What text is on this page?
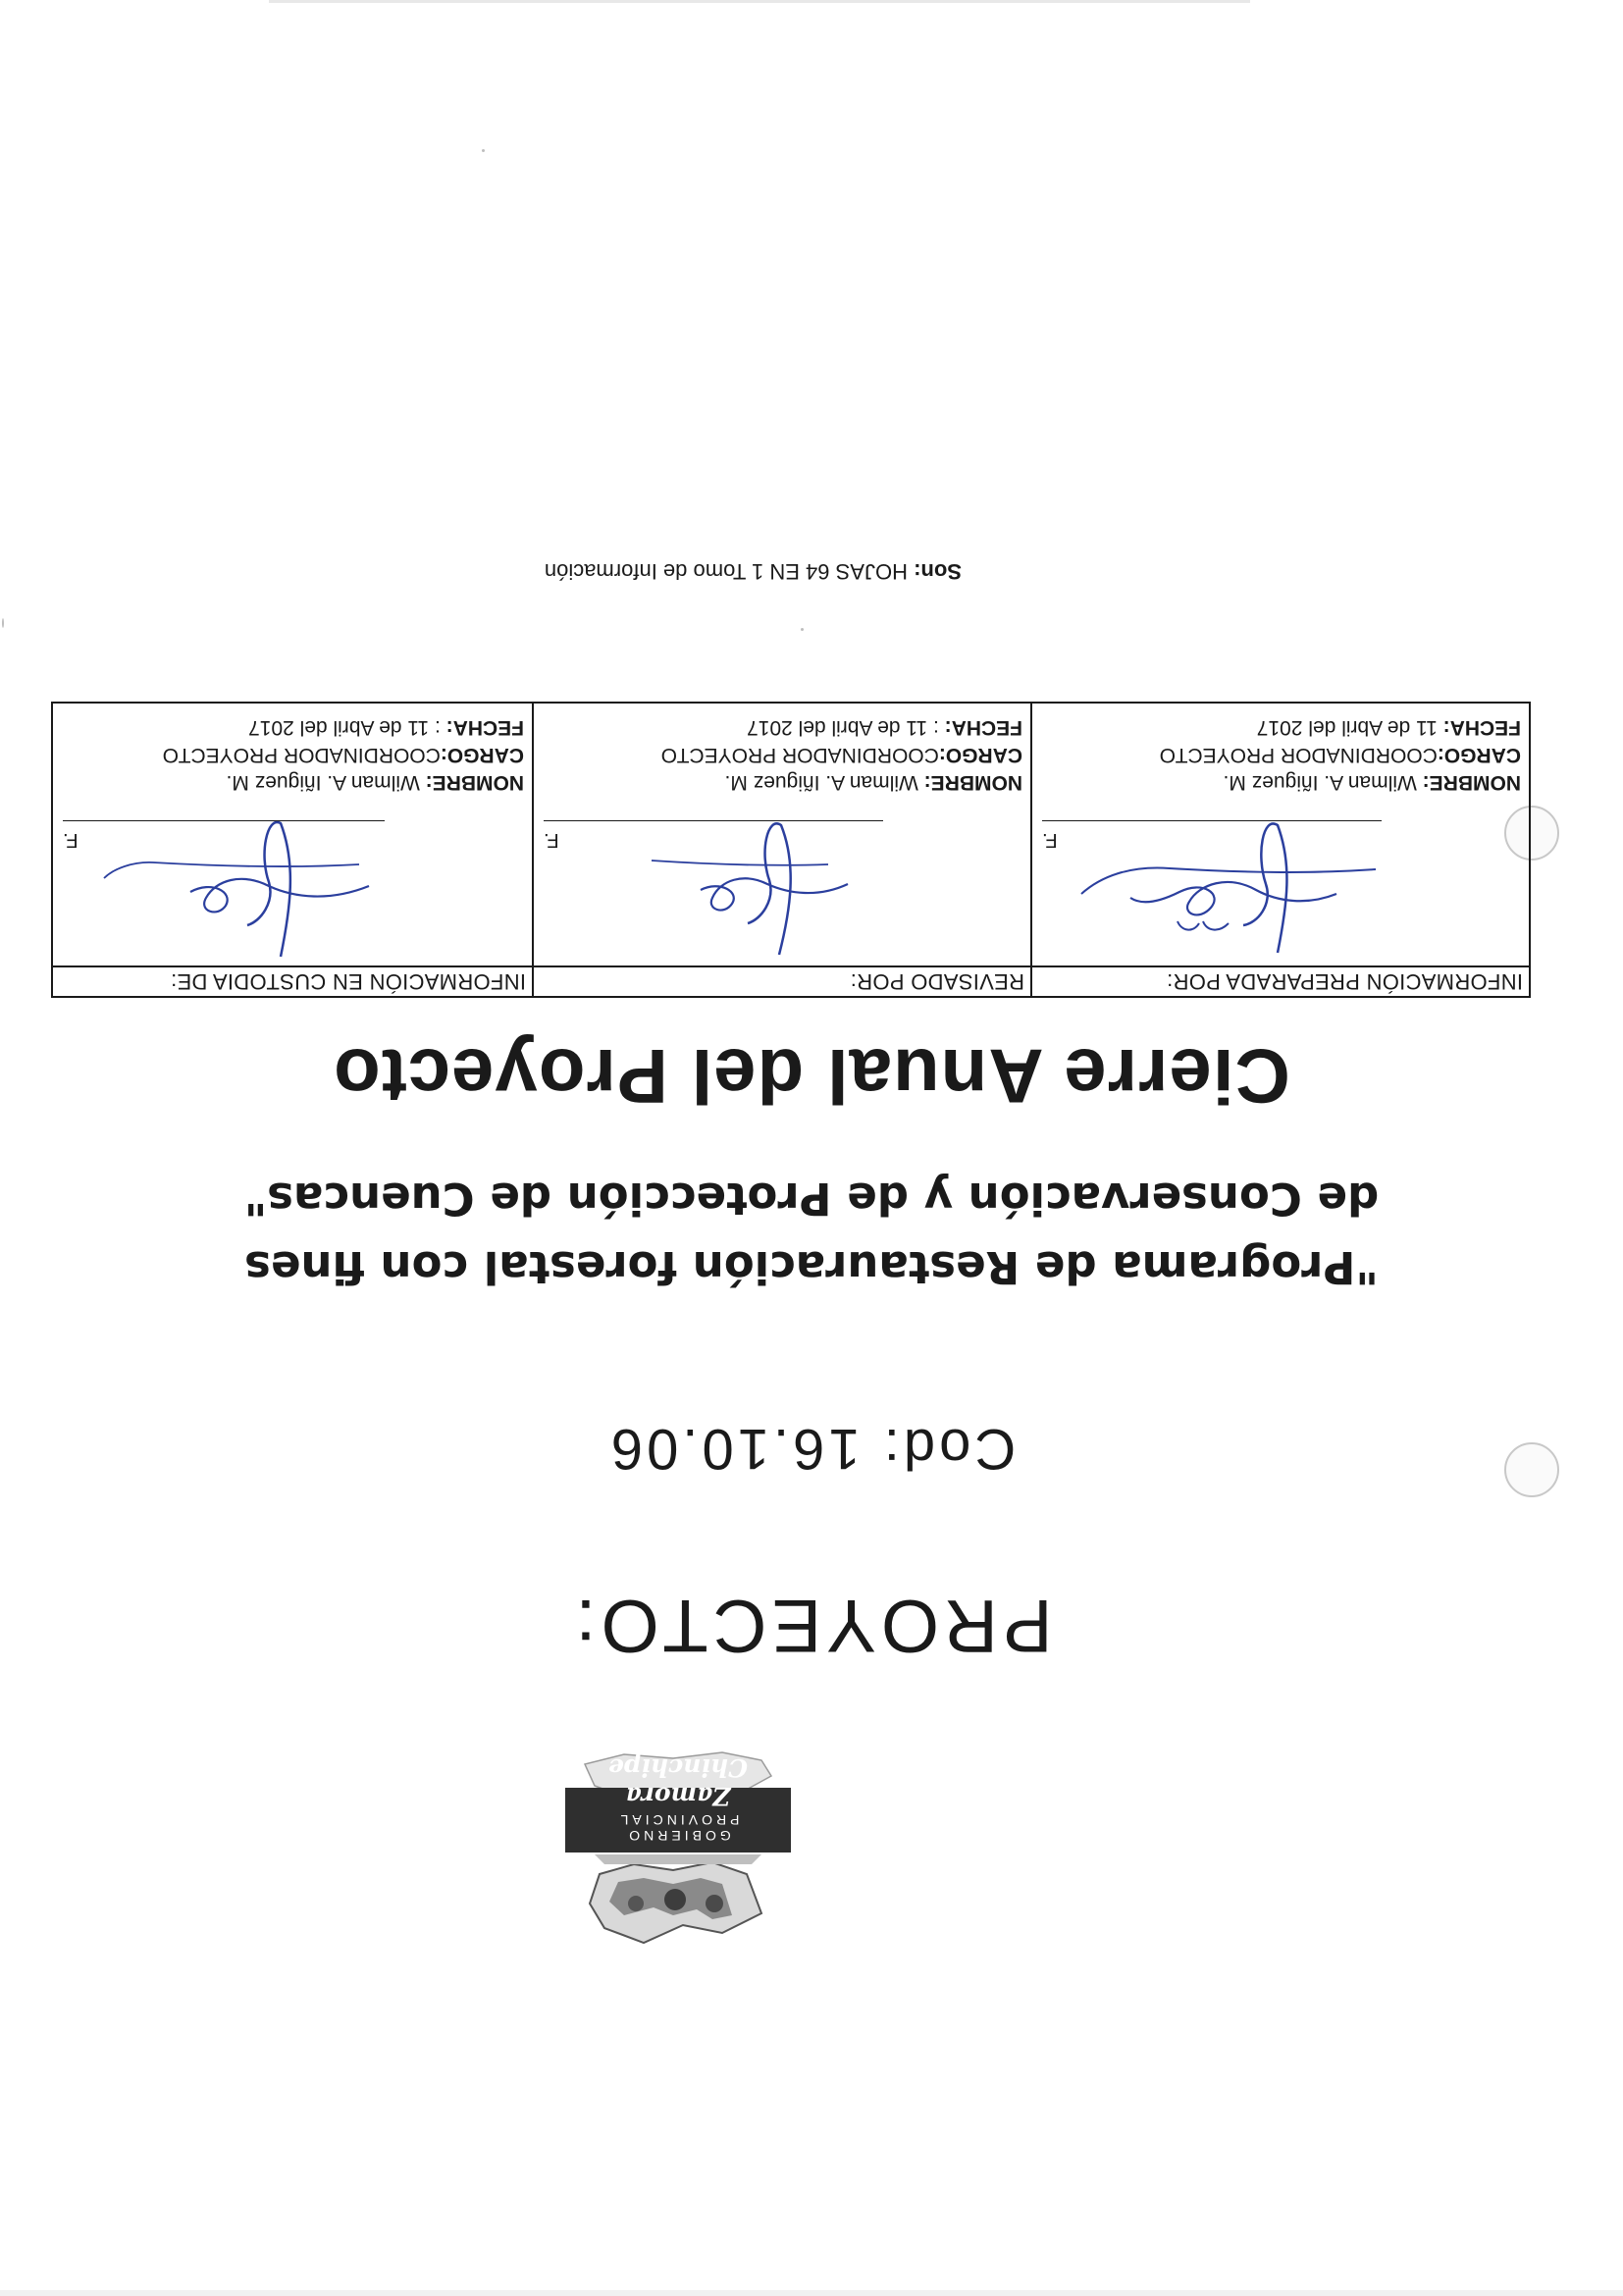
GOBIERNO PROVINCIAL
Zamora Chinchipe
PROYECTO:
Cod: 16.10.06
"Programa de Restauración forestal con fines de Conservación y de Protección de Cuencas"
Cierre Anual del Proyecto
INFORMACIÓN PREPARADA POR:
F.
NOMBRE: Wilman A. Iñiguez M.
CARGO:COORDINADOR PROYECTO
FECHA: 11 de Abril del 2017
REVISADO POR:
F.
NOMBRE: Wilman A. Iñiguez M.
CARGO:COORDINADOR PROYECTO
FECHA: : 11 de Abril del 2017
INFORMACIÓN EN CUSTODIA DE:
F.
NOMBRE: Wilman A. Iñiguez M.
CARGO:COORDINADOR PROYECTO
FECHA: : 11 de Abril del 2017
Son: HOJAS 64 EN 1 Tomo de Información
